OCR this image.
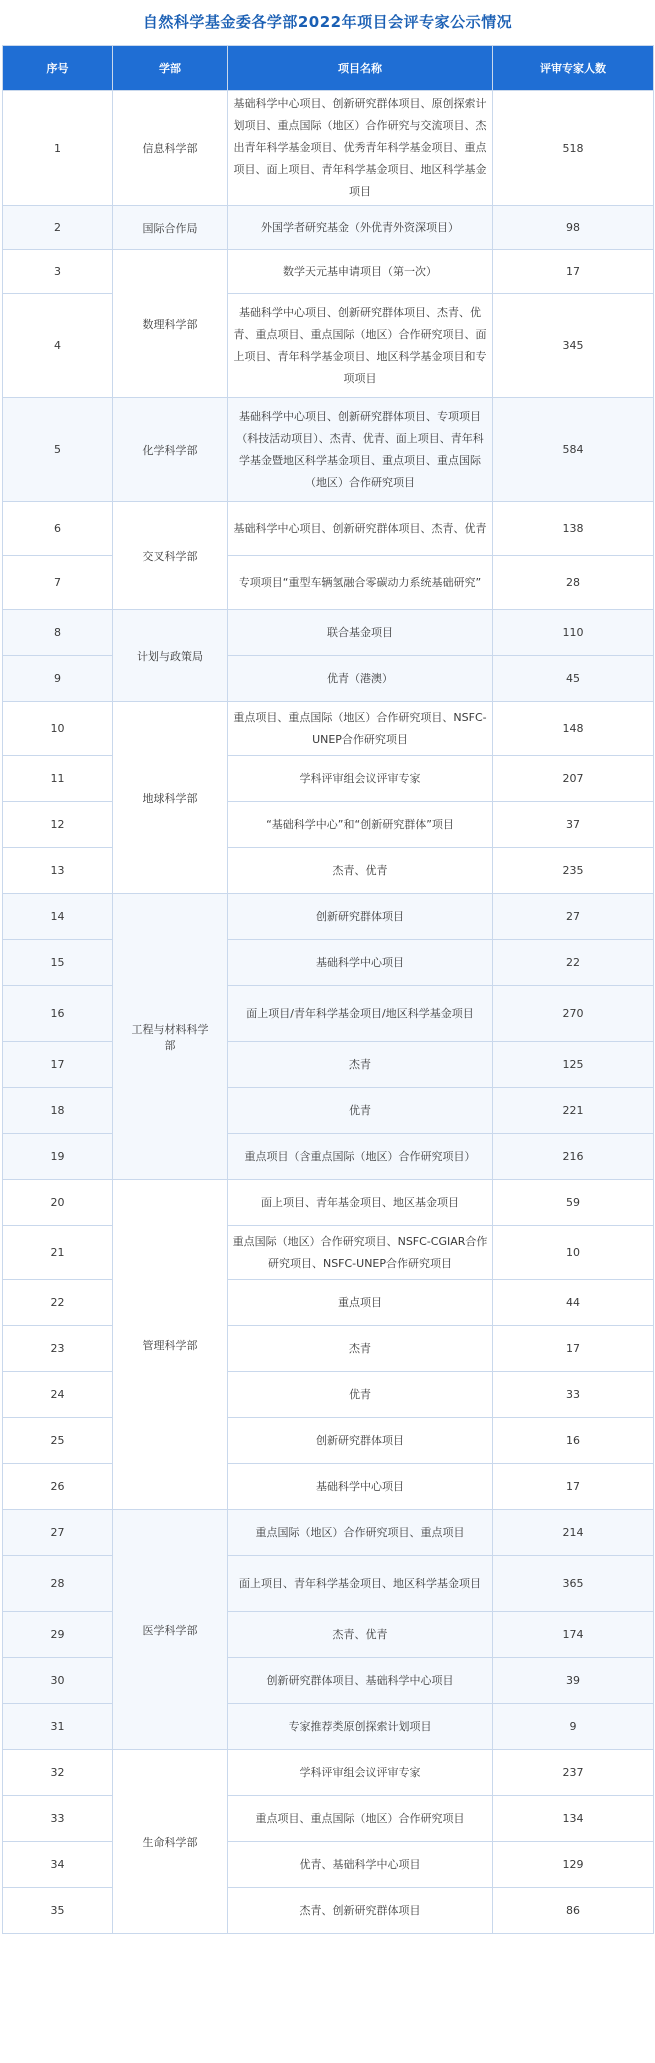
自然科学基金委各学部2022年项目会评专家公示情况
序号	学部	项目名称	评审专家人数
1	信息科学部	基础科学中心项目、创新研究群体项目、原创探索计划项目、重点国际（地区）合作研究与交流项目、杰出青年科学基金项目、优秀青年科学基金项目、重点项目、面上项目、青年科学基金项目、地区科学基金项目	518
2	国际合作局	外国学者研究基金（外优青外资深项目）	98
3	数理科学部	数学天元基申请项目（第一次）	17
4		基础科学中心项目、创新研究群体项目、杰青、优青、重点项目、重点国际（地区）合作研究项目、面上项目、青年科学基金项目、地区科学基金项目和专项项目	345
5	化学科学部	基础科学中心项目、创新研究群体项目、专项项目（科技活动项目）、杰青、优青、面上项目、青年科学基金暨地区科学基金项目、重点项目、重点国际（地区）合作研究项目	584
6	交叉科学部	基础科学中心项目、创新研究群体项目、杰青、优青	138
7		专项项目“重型车辆氢融合零碳动力系统基础研究”	28
8	计划与政策局	联合基金项目	110
9		优青（港澳）	45
10	地球科学部	重点项目、重点国际（地区）合作研究项目、NSFC-UNEP合作研究项目	148
11		学科评审组会议评审专家	207
12		“基础科学中心”和“创新研究群体”项目	37
13		杰青、优青	235
14	工程与材料科学部	创新研究群体项目	27
15		基础科学中心项目	22
16		面上项目/青年科学基金项目/地区科学基金项目	270
17		杰青	125
18		优青	221
19		重点项目（含重点国际（地区）合作研究项目）	216
20	管理科学部	面上项目、青年基金项目、地区基金项目	59
21		重点国际（地区）合作研究项目、NSFC-CGIAR合作研究项目、NSFC-UNEP合作研究项目	10
22		重点项目	44
23		杰青	17
24		优青	33
25		创新研究群体项目	16
26		基础科学中心项目	17
27	医学科学部	重点国际（地区）合作研究项目、重点项目	214
28		面上项目、青年科学基金项目、地区科学基金项目	365
29		杰青、优青	174
30		创新研究群体项目、基础科学中心项目	39
31		专家推荐类原创探索计划项目	9
32	生命科学部	学科评审组会议评审专家	237
33		重点项目、重点国际（地区）合作研究项目	134
34		优青、基础科学中心项目	129
35		杰青、创新研究群体项目	86
